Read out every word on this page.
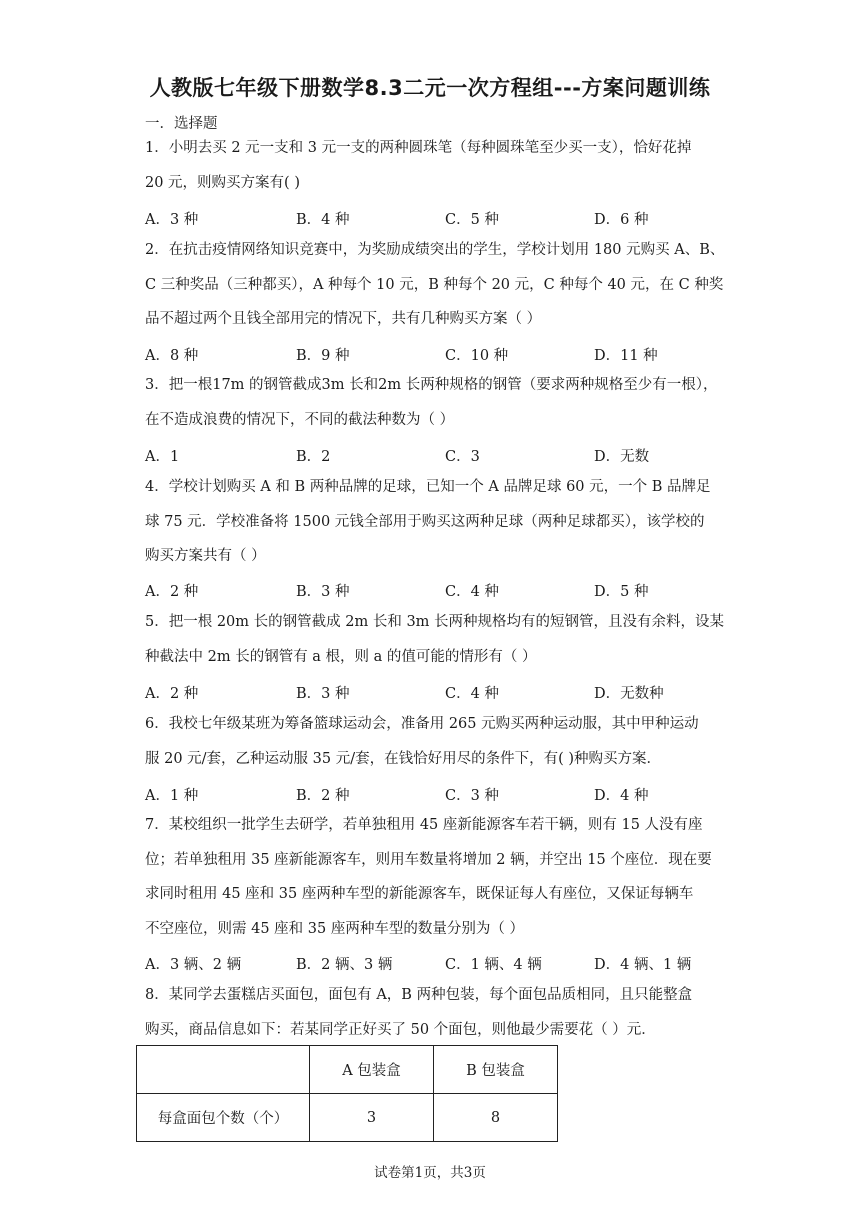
人教版七年级下册数学8.3二元一次方程组---方案问题训练
一．选择题
1．小明去买 2 元一支和 3 元一支的两种圆珠笔（每种圆珠笔至少买一支），恰好花掉
20 元，则购买方案有( )
A．3 种	B．4 种	C．5 种	D．6 种
2．在抗击疫情网络知识竞赛中，为奖励成绩突出的学生，学校计划用 180 元购买 A、B、
C 三种奖品（三种都买），A 种每个 10 元，B 种每个 20 元，C 种每个 40 元，在 C 种奖
品不超过两个且钱全部用完的情况下，共有几种购买方案（ ）
A．8 种	B．9 种	C．10 种	D．11 种
3．把一根17m 的钢管截成3m 长和2m 长两种规格的钢管（要求两种规格至少有一根），
在不造成浪费的情况下，不同的截法种数为（ ）
A．1	B．2	C．3	D．无数
4．学校计划购买 A 和 B 两种品牌的足球，已知一个 A 品牌足球 60 元，一个 B 品牌足
球 75 元．学校准备将 1500 元钱全部用于购买这两种足球（两种足球都买），该学校的
购买方案共有（ ）
A．2 种	B．3 种	C．4 种	D．5 种
5．把一根 20m 长的钢管截成 2m 长和 3m 长两种规格均有的短钢管，且没有余料，设某
种截法中 2m 长的钢管有 a 根，则 a 的值可能的情形有（ ）
A．2 种	B．3 种	C．4 种	D．无数种
6．我校七年级某班为筹备篮球运动会，准备用 265 元购买两种运动服，其中甲种运动
服 20 元/套，乙种运动服 35 元/套，在钱恰好用尽的条件下，有( )种购买方案．
A．1 种	B．2 种	C．3 种	D．4 种
7．某校组织一批学生去研学，若单独租用 45 座新能源客车若干辆，则有 15 人没有座
位；若单独租用 35 座新能源客车，则用车数量将增加 2 辆，并空出 15 个座位．现在要
求同时租用 45 座和 35 座两种车型的新能源客车，既保证每人有座位，又保证每辆车
不空座位，则需 45 座和 35 座两种车型的数量分别为（ ）
A．3 辆、2 辆	B．2 辆、3 辆	C．1 辆、4 辆	D．4 辆、1 辆
8．某同学去蛋糕店买面包，面包有 A，B 两种包装，每个面包品质相同，且只能整盒
购买，商品信息如下：若某同学正好买了 50 个面包，则他最少需要花（ ）元．
	A 包装盒	B 包装盒
每盒面包个数（个）	3	8
试卷第1页，共3页
